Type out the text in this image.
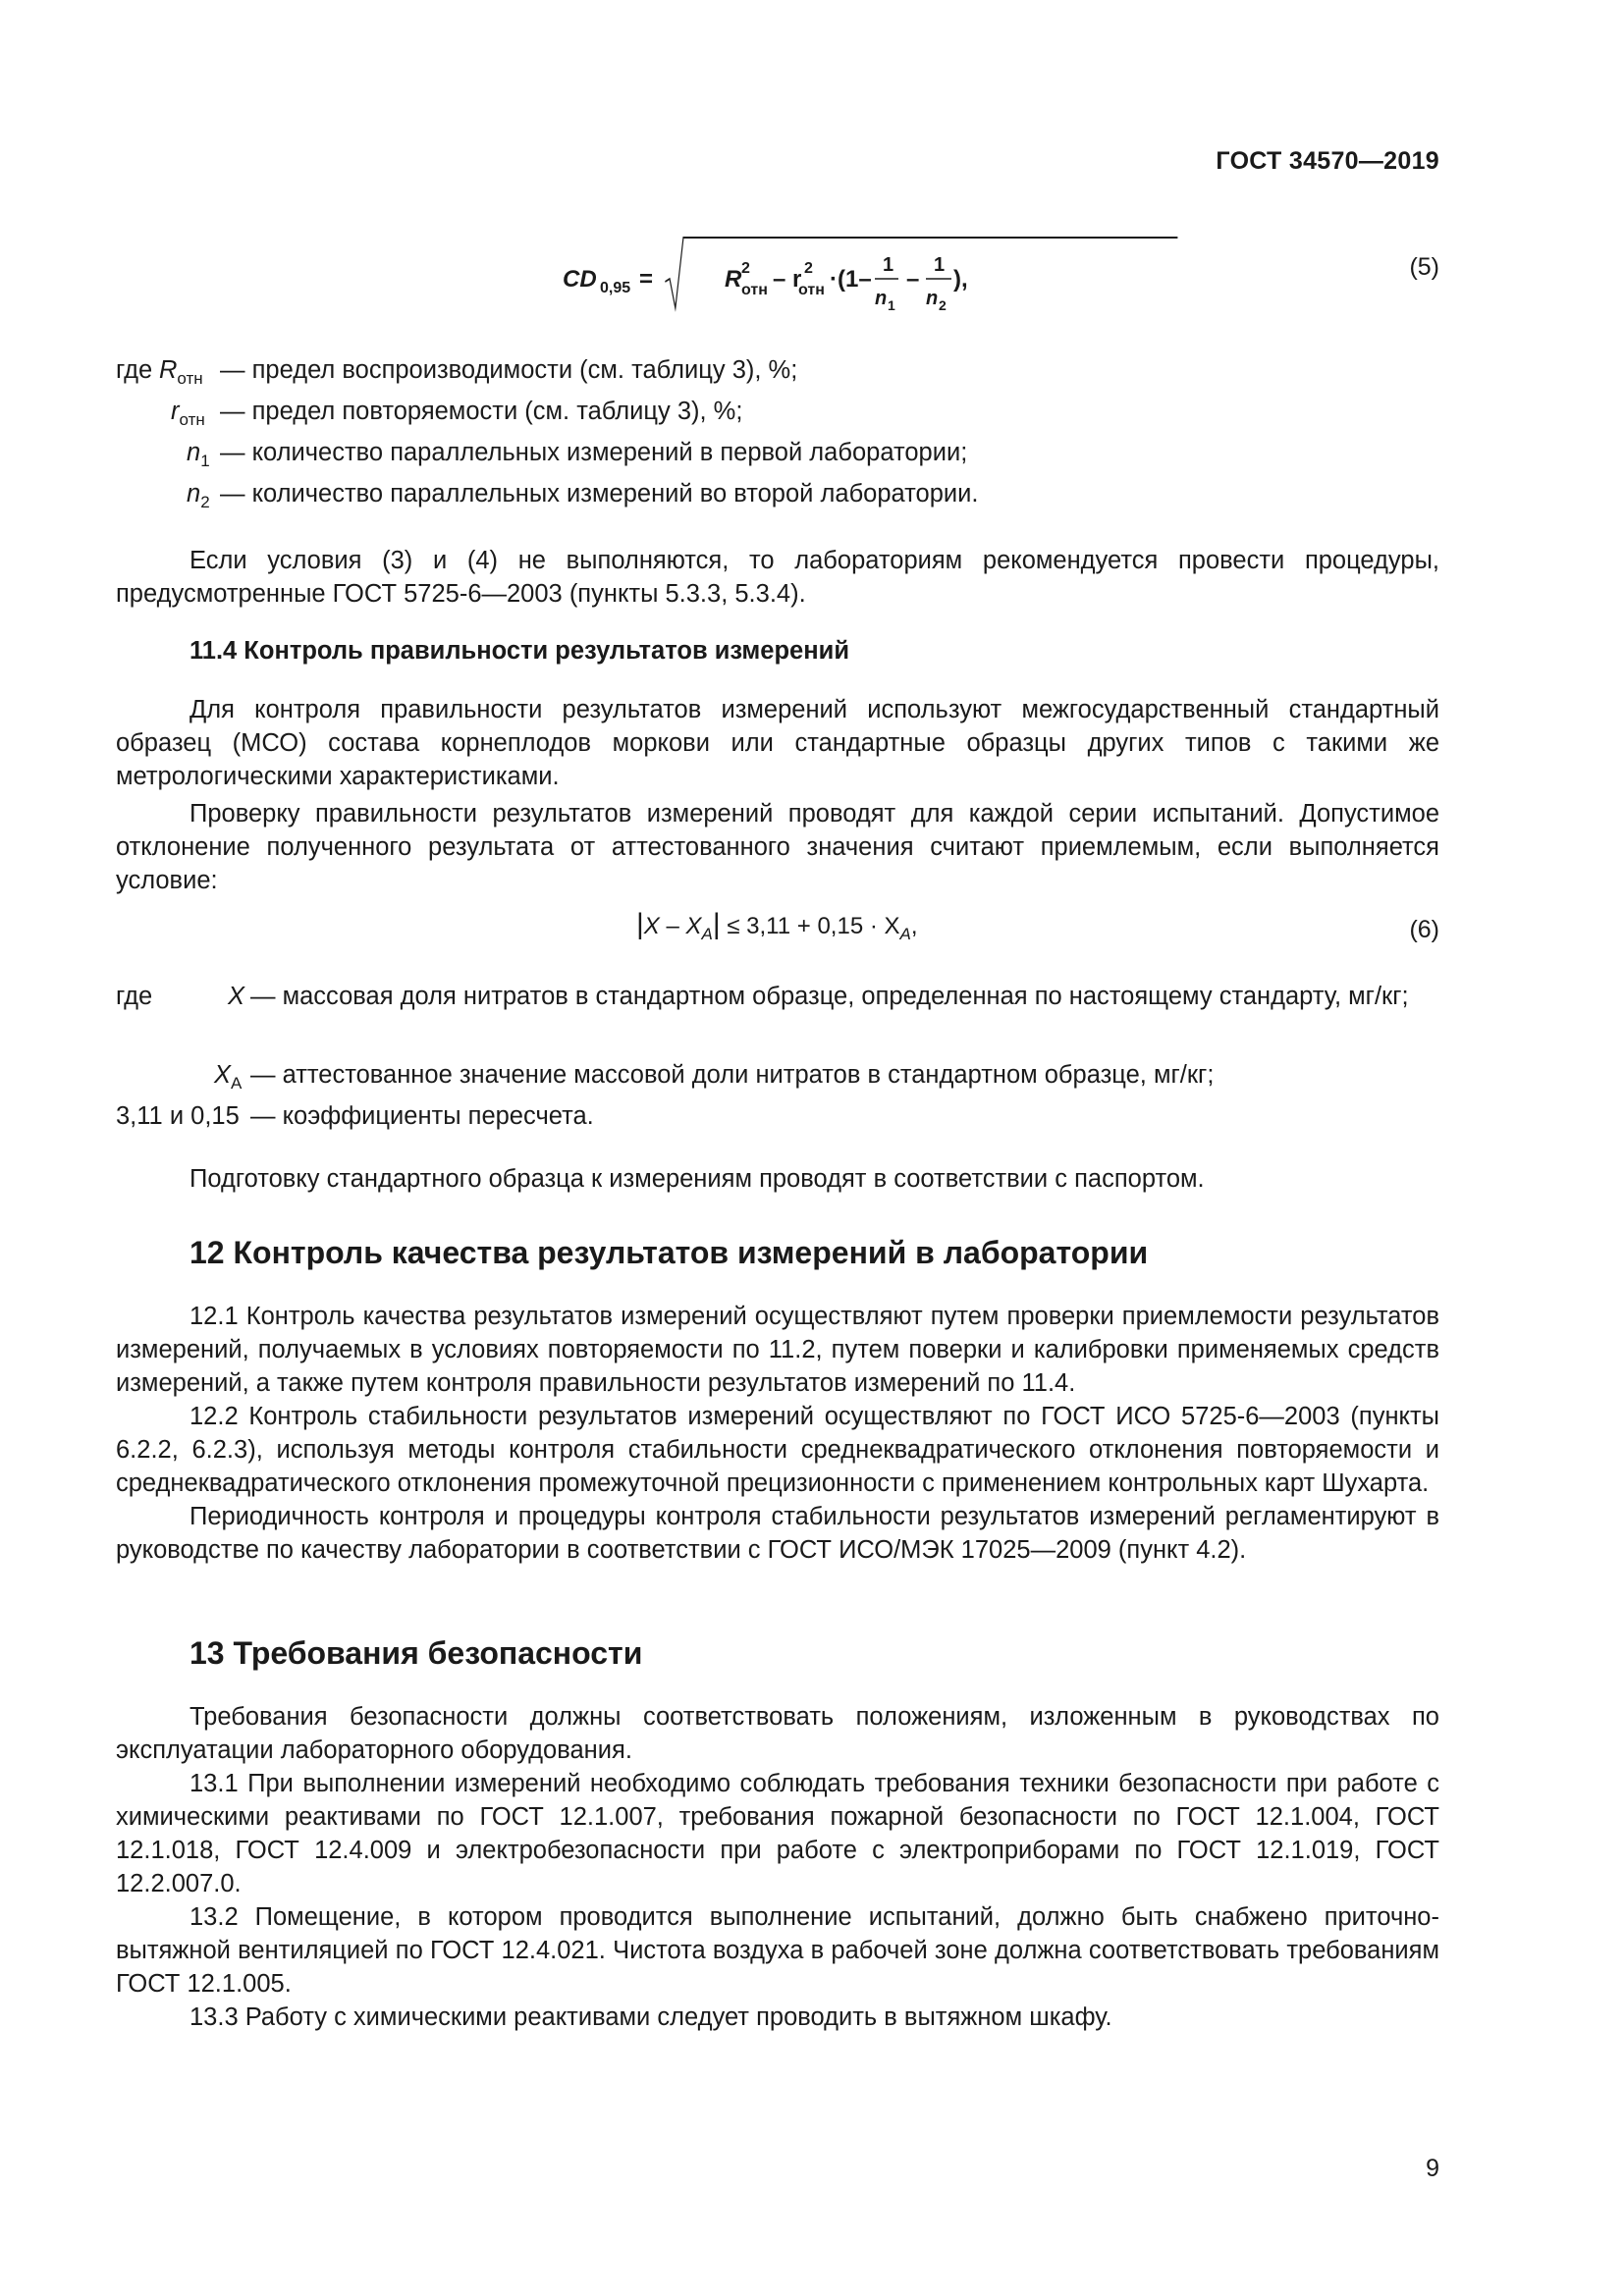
ГОСТ 34570—2019
CD 0,95 =	R 2
отн – r 2
отн ·(1–
1
n 1
–
1
n 2
),	(5)
где $R_{отн}$ — предел воспроизводимости (см. таблицу 3), %;
$r_{отн}$ — предел повторяемости (см. таблицу 3), %;
$n_1$ — количество параллельных измерений в первой лаборатории;
$n_2$ — количество параллельных измерений во второй лаборатории.

Если условия (3) и (4) не выполняются, то лабораториям рекомендуется провести процедуры, предусмотренные ГОСТ 5725-6—2003 (пункты 5.3.3, 5.3.4).

11.4 Контроль правильности результатов измерений

Для контроля правильности результатов измерений используют межгосударственный стандартный образец (МСО) состава корнеплодов моркови или стандартные образцы других типов с такими же метрологическими характеристиками.

Проверку правильности результатов измерений проводят для каждой серии испытаний. Допустимое отклонение полученного результата от аттестованного значения считают приемлемым, если выполняется условие:

$|X - X_A| \le 3,11 + 0,15 \cdot X_A$,	(6)
где	X — массовая доля нитратов в стандартном образце, определенная по настоящему стандарту, мг/кг;
$X_A$ — аттестованное значение массовой доли нитратов в стандартном образце, мг/кг;
3,11 и 0,15 — коэффициенты пересчета.

Подготовку стандартного образца к измерениям проводят в соответствии с паспортом.

12 Контроль качества результатов измерений в лаборатории

12.1 Контроль качества результатов измерений осуществляют путем проверки приемлемости результатов измерений, получаемых в условиях повторяемости по 11.2, путем поверки и калибровки применяемых средств измерений, а также путем контроля правильности результатов измерений по 11.4.

12.2 Контроль стабильности результатов измерений осуществляют по ГОСТ ИСО 5725-6—2003 (пункты 6.2.2, 6.2.3), используя методы контроля стабильности среднеквадратического отклонения повторяемости и среднеквадратического отклонения промежуточной прецизионности с применением контрольных карт Шухарта.

Периодичность контроля и процедуры контроля стабильности результатов измерений регламентируют в руководстве по качеству лаборатории в соответствии с ГОСТ ИСО/МЭК 17025—2009 (пункт 4.2).

13 Требования безопасности

Требования безопасности должны соответствовать положениям, изложенным в руководствах по эксплуатации лабораторного оборудования.

13.1 При выполнении измерений необходимо соблюдать требования техники безопасности при работе с химическими реактивами по ГОСТ 12.1.007, требования пожарной безопасности по ГОСТ 12.1.004, ГОСТ 12.1.018, ГОСТ 12.4.009 и электробезопасности при работе с электроприборами по ГОСТ 12.1.019, ГОСТ 12.2.007.0.

13.2 Помещение, в котором проводится выполнение испытаний, должно быть снабжено приточно-вытяжной вентиляцией по ГОСТ 12.4.021. Чистота воздуха в рабочей зоне должна соответствовать требованиям ГОСТ 12.1.005.

13.3 Работу с химическими реактивами следует проводить в вытяжном шкафу.

9
